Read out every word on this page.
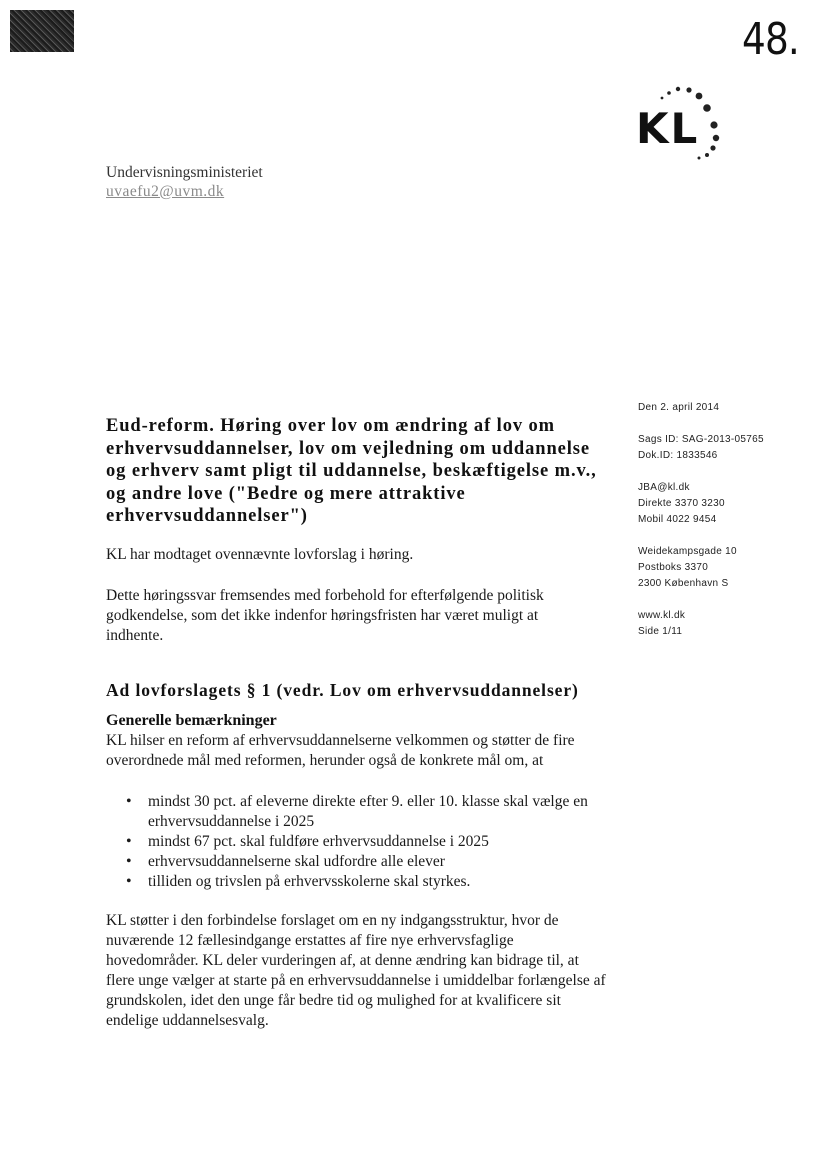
48.
KL
Undervisningsministeriet
uvaefu2@uvm.dk
Den 2. april 2014
Sags ID: SAG-2013-05765
Dok.ID: 1833546
JBA@kl.dk
Direkte 3370 3230
Mobil 4022 9454
Weidekampsgade 10
Postboks 3370
2300 København S
www.kl.dk
Side 1/11
Eud-reform. Høring over lov om ændring af lov om erhvervsuddannelser, lov om vejledning om uddannelse og erhverv samt pligt til uddannelse, beskæftigelse m.v., og andre love ("Bedre og mere attraktive erhvervsuddannelser")

KL har modtaget ovennævnte lovforslag i høring.

Dette høringssvar fremsendes med forbehold for efterfølgende politisk godkendelse, som det ikke indenfor høringsfristen har været muligt at indhente.

Ad lovforslagets § 1 (vedr. Lov om erhvervsuddannelser)
Generelle bemærkninger

KL hilser en reform af erhvervsuddannelserne velkommen og støtter de fire overordnede mål med reformen, herunder også de konkrete mål om, at

• mindst 30 pct. af eleverne direkte efter 9. eller 10. klasse skal vælge en erhvervsuddannelse i 2025
• mindst 67 pct. skal fuldføre erhvervsuddannelse i 2025
• erhvervsuddannelserne skal udfordre alle elever
• tilliden og trivslen på erhvervsskolerne skal styrkes.

KL støtter i den forbindelse forslaget om en ny indgangsstruktur, hvor de nuværende 12 fællesindgange erstattes af fire nye erhvervsfaglige hovedområder. KL deler vurderingen af, at denne ændring kan bidrage til, at flere unge vælger at starte på en erhvervsuddannelse i umiddelbar forlængelse af grundskolen, idet den unge får bedre tid og mulighed for at kvalificere sit endelige uddannelsesvalg.
